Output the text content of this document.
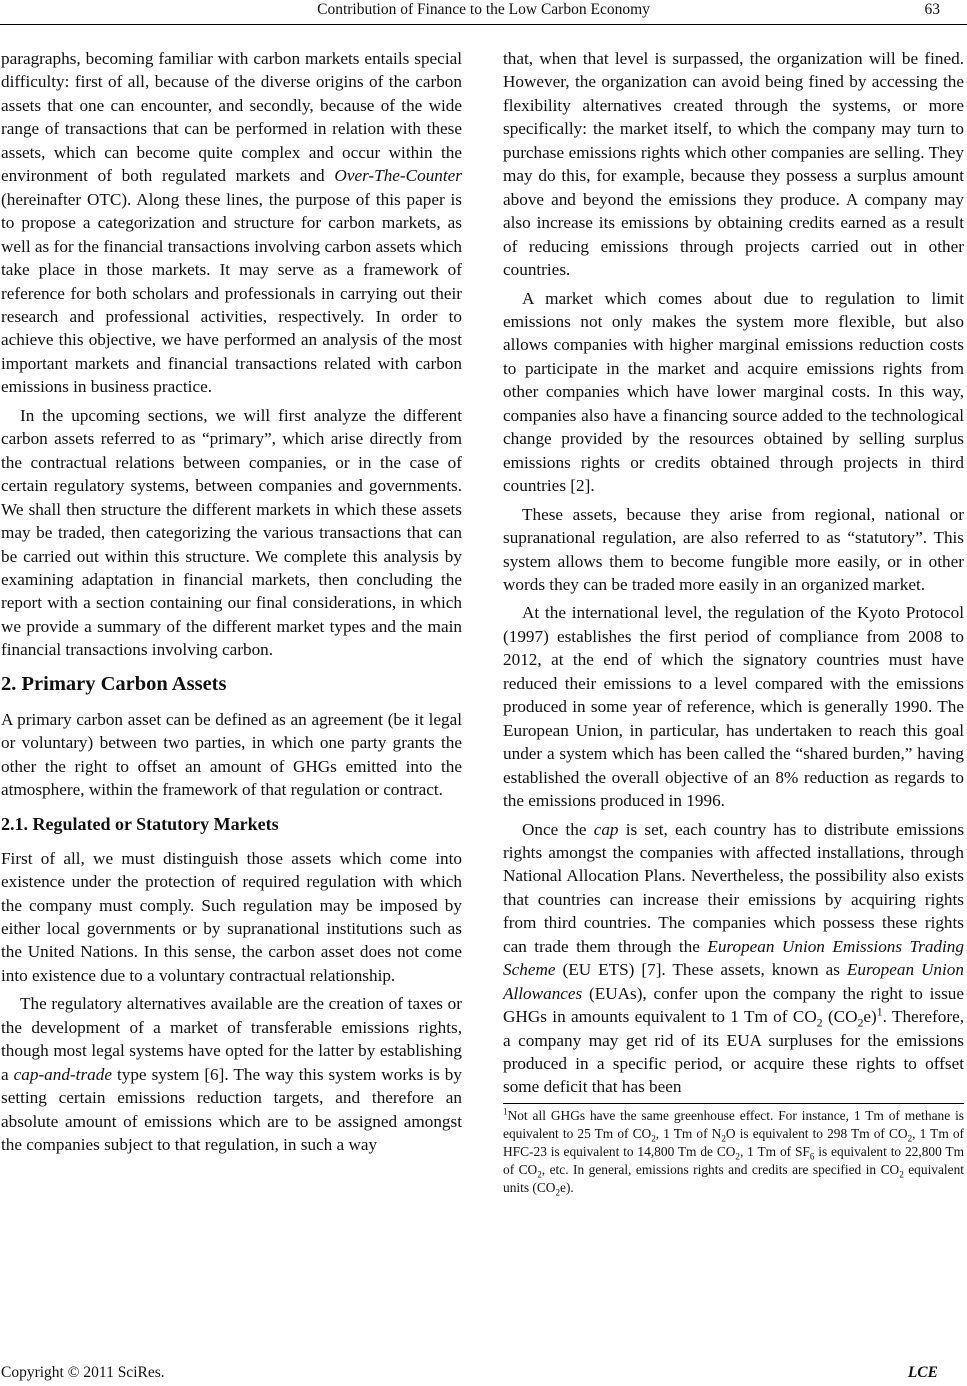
Contribution of Finance to the Low Carbon Economy	63

paragraphs, becoming familiar with carbon markets entails special difficulty: first of all, because of the diverse origins of the carbon assets that one can encounter, and secondly, because of the wide range of transactions that can be performed in relation with these assets, which can become quite complex and occur within the environment of both regulated markets and Over-The-Counter (hereinafter OTC). Along these lines, the purpose of this paper is to propose a categorization and structure for carbon markets, as well as for the financial transactions involving carbon assets which take place in those markets. It may serve as a framework of reference for both scholars and professionals in carrying out their research and professional activities, respectively. In order to achieve this objective, we have performed an analysis of the most important markets and financial transactions related with carbon emissions in business practice.

In the upcoming sections, we will first analyze the different carbon assets referred to as “primary”, which arise directly from the contractual relations between companies, or in the case of certain regulatory systems, between companies and governments. We shall then structure the different markets in which these assets may be traded, then categorizing the various transactions that can be carried out within this structure. We complete this analysis by examining adaptation in financial markets, then concluding the report with a section containing our final considerations, in which we provide a summary of the different market types and the main financial transactions involving carbon.

2. Primary Carbon Assets

A primary carbon asset can be defined as an agreement (be it legal or voluntary) between two parties, in which one party grants the other the right to offset an amount of GHGs emitted into the atmosphere, within the framework of that regulation or contract.

2.1. Regulated or Statutory Markets

First of all, we must distinguish those assets which come into existence under the protection of required regulation with which the company must comply. Such regulation may be imposed by either local governments or by supranational institutions such as the United Nations. In this sense, the carbon asset does not come into existence due to a voluntary contractual relationship.

The regulatory alternatives available are the creation of taxes or the development of a market of transferable emissions rights, though most legal systems have opted for the latter by establishing a cap-and-trade type system [6]. The way this system works is by setting certain emissions reduction targets, and therefore an absolute amount of emissions which are to be assigned amongst the companies subject to that regulation, in such a way

that, when that level is surpassed, the organization will be fined. However, the organization can avoid being fined by accessing the flexibility alternatives created through the systems, or more specifically: the market itself, to which the company may turn to purchase emissions rights which other companies are selling. They may do this, for example, because they possess a surplus amount above and beyond the emissions they produce. A company may also increase its emissions by obtaining credits earned as a result of reducing emissions through projects carried out in other countries.

A market which comes about due to regulation to limit emissions not only makes the system more flexible, but also allows companies with higher marginal emissions reduction costs to participate in the market and acquire emissions rights from other companies which have lower marginal costs. In this way, companies also have a financing source added to the technological change provided by the resources obtained by selling surplus emissions rights or credits obtained through projects in third countries [2].

These assets, because they arise from regional, national or supranational regulation, are also referred to as “statutory”. This system allows them to become fungible more easily, or in other words they can be traded more easily in an organized market.

At the international level, the regulation of the Kyoto Protocol (1997) establishes the first period of compliance from 2008 to 2012, at the end of which the signatory countries must have reduced their emissions to a level compared with the emissions produced in some year of reference, which is generally 1990. The European Union, in particular, has undertaken to reach this goal under a system which has been called the “shared burden,” having established the overall objective of an 8% reduction as regards to the emissions produced in 1996.

Once the cap is set, each country has to distribute emissions rights amongst the companies with affected installations, through National Allocation Plans. Nevertheless, the possibility also exists that countries can increase their emissions by acquiring rights from third countries. The companies which possess these rights can trade them through the European Union Emissions Trading Scheme (EU ETS) [7]. These assets, known as European Union Allowances (EUAs), confer upon the company the right to issue GHGs in amounts equivalent to 1 Tm of $CO_2$ $(CO_2e)^1$. Therefore, a company may get rid of its EUA surpluses for the emissions produced in a specific period, or acquire these rights to offset some deficit that has been

$^1$Not all GHGs have the same greenhouse effect. For instance, 1 Tm of methane is equivalent to 25 Tm of $CO_2$, 1 Tm of $N_2O$ is equivalent to 298 Tm of $CO_2$, 1 Tm of HFC-23 is equivalent to 14,800 Tm de $CO_2$, 1 Tm of $SF_6$ is equivalent to 22,800 Tm of $CO_2$, etc. In general, emissions rights and credits are specified in $CO_2$ equivalent units $(CO_2e)$.
Copyright © 2011 SciRes.	LCE
